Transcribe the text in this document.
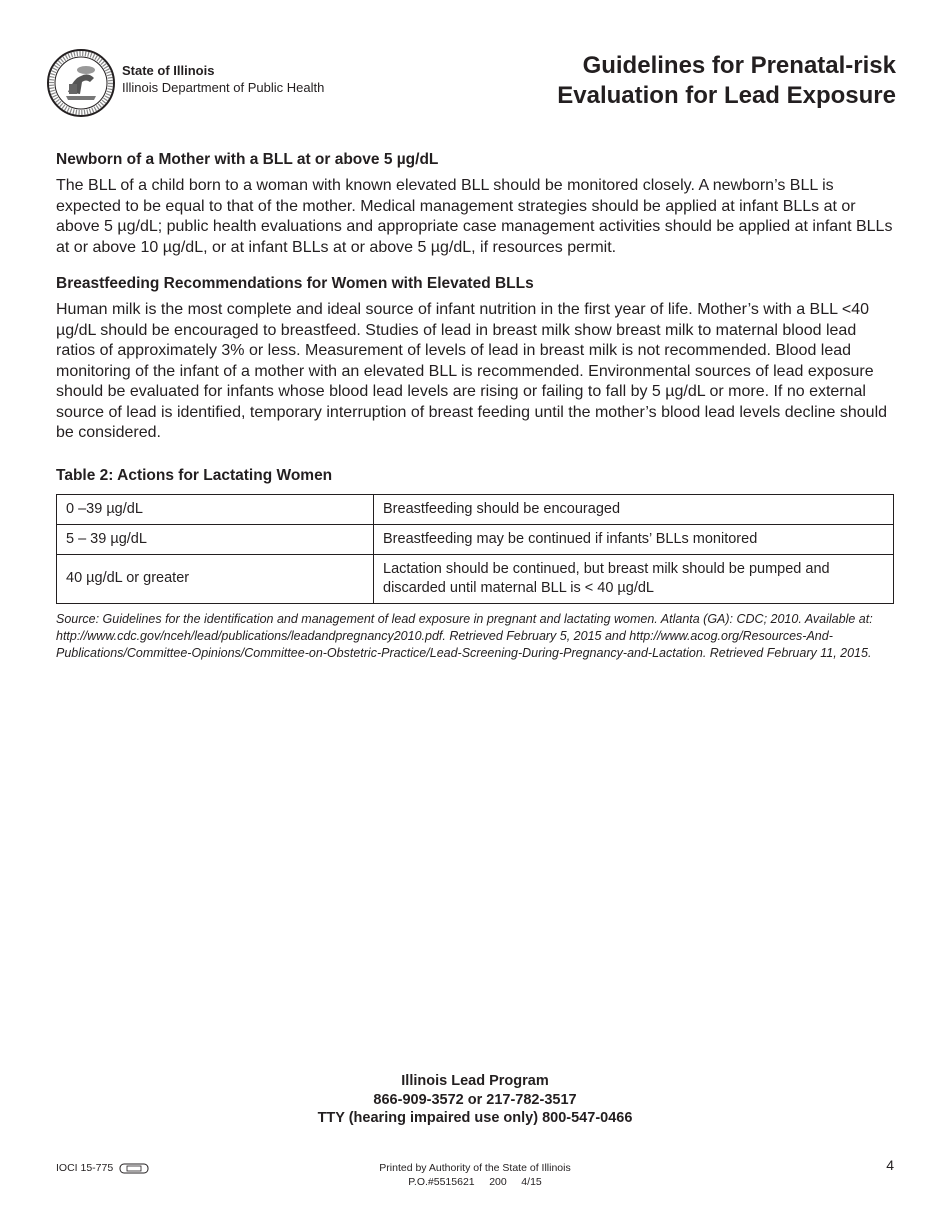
State of Illinois
Illinois Department of Public Health
Guidelines for Prenatal-risk
Evaluation for Lead Exposure
Newborn of a Mother with a BLL at or above 5 µg/dL

The BLL of a child born to a woman with known elevated BLL should be monitored closely. A newborn’s BLL is expected to be equal to that of the mother. Medical management strategies should be applied at infant BLLs at or above 5 µg/dL; public health evaluations and appropriate case management activities should be applied at infant BLLs at or above 10 µg/dL, or at infant BLLs at or above 5 µg/dL, if resources permit.

Breastfeeding Recommendations for Women with Elevated BLLs

Human milk is the most complete and ideal source of infant nutrition in the first year of life. Mother’s with a BLL <40 µg/dL should be encouraged to breastfeed. Studies of lead in breast milk show breast milk to maternal blood lead ratios of approximately 3% or less. Measurement of levels of lead in breast milk is not recommended. Blood lead monitoring of the infant of a mother with an elevated BLL is recommended. Environmental sources of lead exposure should be evaluated for infants whose blood lead levels are rising or failing to fall by 5 µg/dL or more. If no external source of lead is identified, temporary interruption of breast feeding until the mother’s blood lead levels decline should be considered.

Table 2: Actions for Lactating Women
0 –39 µg/dL	Breastfeeding should be encouraged
5 – 39 µg/dL	Breastfeeding may be continued if infants’ BLLs monitored
40 µg/dL or greater	Lactation should be continued, but breast milk should be pumped and discarded until maternal BLL is < 40 µg/dL
Source: Guidelines for the identification and management of lead exposure in pregnant and lactating women. Atlanta (GA): CDC; 2010. Available at: http://www.cdc.gov/nceh/lead/publications/leadandpregnancy2010.pdf. Retrieved February 5, 2015 and http://www.acog.org/Resources-And-Publications/Committee-Opinions/Committee-on-Obstetric-Practice/Lead-Screening-During-Pregnancy-and-Lactation. Retrieved February 11, 2015.
Illinois Lead Program
866-909-3572 or 217-782-3517
TTY (hearing impaired use only) 800-547-0466
IOCI 15-775	Printed by Authority of the State of Illinois
P.O.#5515621     200     4/15
4
